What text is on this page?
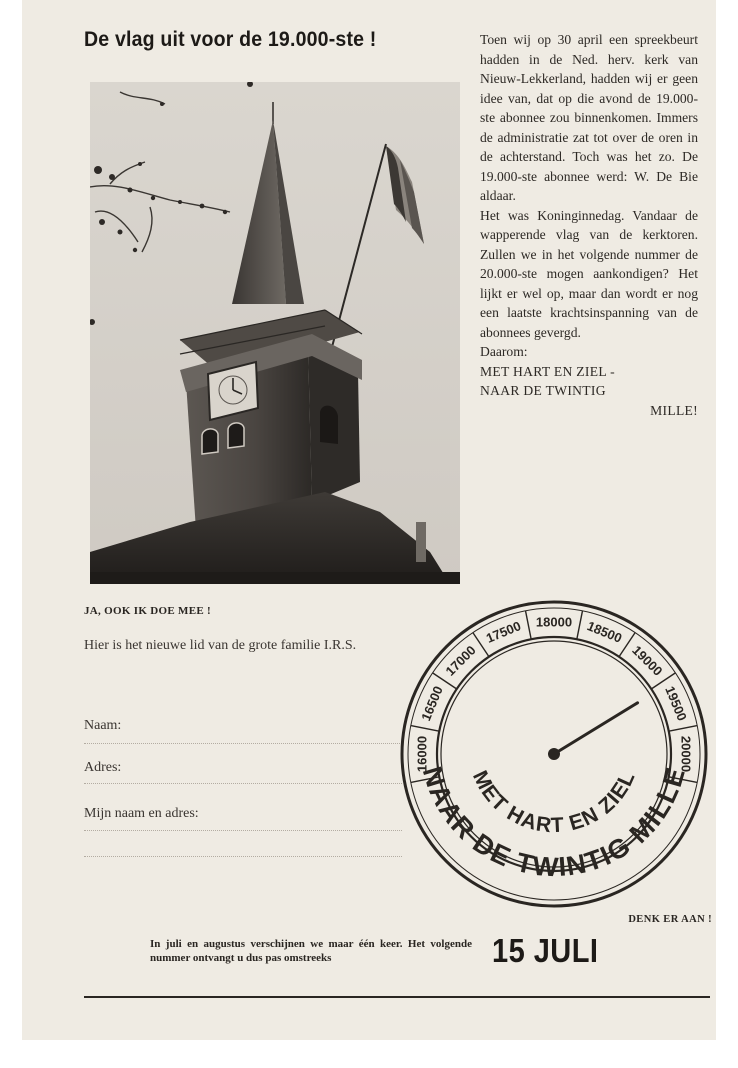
De vlag uit voor de 19.000-ste !	Toen wij op 30 april een spreekbeurt hadden in de Ned. herv. kerk van Nieuw-Lekkerland, hadden wij er geen idee van, dat op die avond de 19.000-ste abonnee zou binnenkomen. Immers de administratie zat tot over de oren in de achterstand. Toch was het zo. De 19.000-ste abonnee werd: W. De Bie aldaar.

Het was Koninginnedag. Vandaar de wapperende vlag van de kerktoren. Zullen we in het volgende nummer de 20.000-ste mogen aankondigen? Het lijkt er wel op, maar dan wordt er nog een laatste krachtsinspanning van de abonnees gevergd.

Daarom:

MET HART EN ZIEL -

NAAR DE TWINTIG

MILLE!

JA, OOK IK DOE MEE !
Hier is het nieuwe lid van de grote familie I.R.S.
Naam:
Adres:
Mijn naam en adres:
16000
16500
17000
17500 18000 18500
19000
19500
20000
NAAR DE TWINTIG MILLE
MET HART EN ZIEL
DENK ER AAN !
In juli en augustus verschijnen we maar één keer. Het volgende nummer ontvangt u dus pas omstreeks	15 JULI
